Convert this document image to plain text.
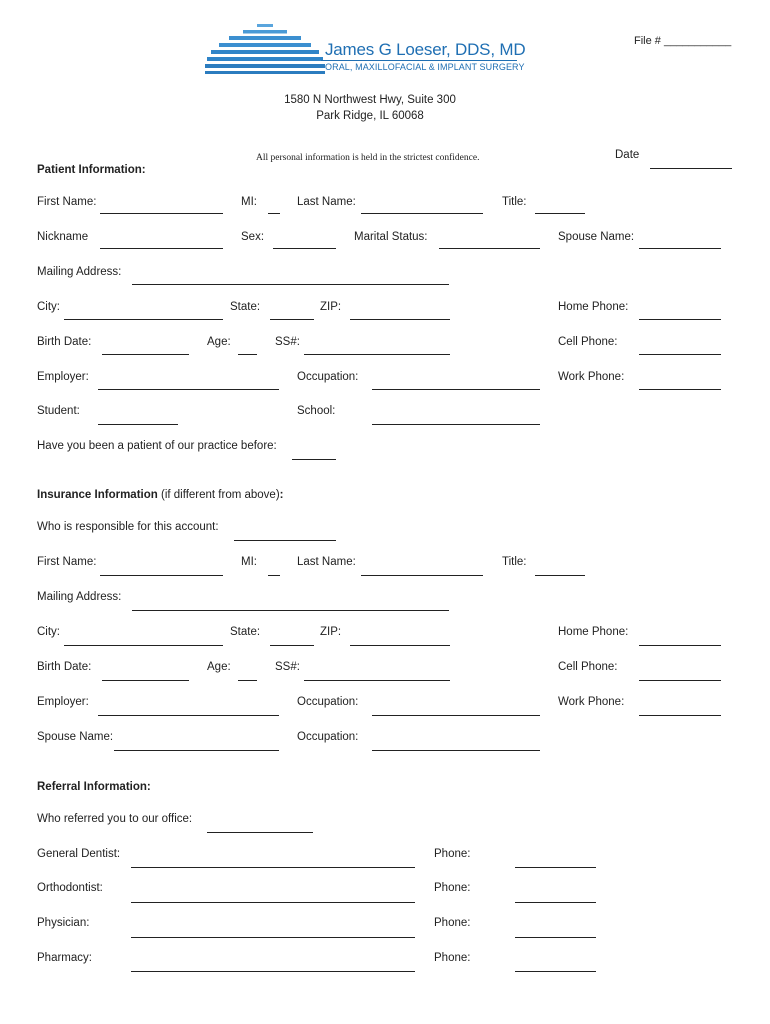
James G Loeser, DDS, MD
ORAL, MAXILLOFACIAL & IMPLANT SURGERY
File # ___________
1580 N Northwest Hwy, Suite 300
Park Ridge, IL 60068
All personal information is held in the strictest confidence.	Date
Patient Information:
First Name:	MI:	Last Name:	Title:
Nickname	Sex:	Marital Status:	Spouse Name:
Mailing Address:
City:	State:	ZIP:	Home Phone:
Birth Date:	Age:	SS#:	Cell Phone:
Employer:	Occupation:	Work Phone:
Student:	School:
Have you been a patient of our practice before:
Insurance Information (if different from above):
Who is responsible for this account:
First Name:	MI:	Last Name:	Title:
Mailing Address:
City:	State:	ZIP:	Home Phone:
Birth Date:	Age:	SS#:	Cell Phone:
Employer:	Occupation:	Work Phone:
Spouse Name:	Occupation:
Referral Information:
Who referred you to our office:
General Dentist:	Phone:
Orthodontist:	Phone:
Physician:	Phone:
Pharmacy:	Phone:
